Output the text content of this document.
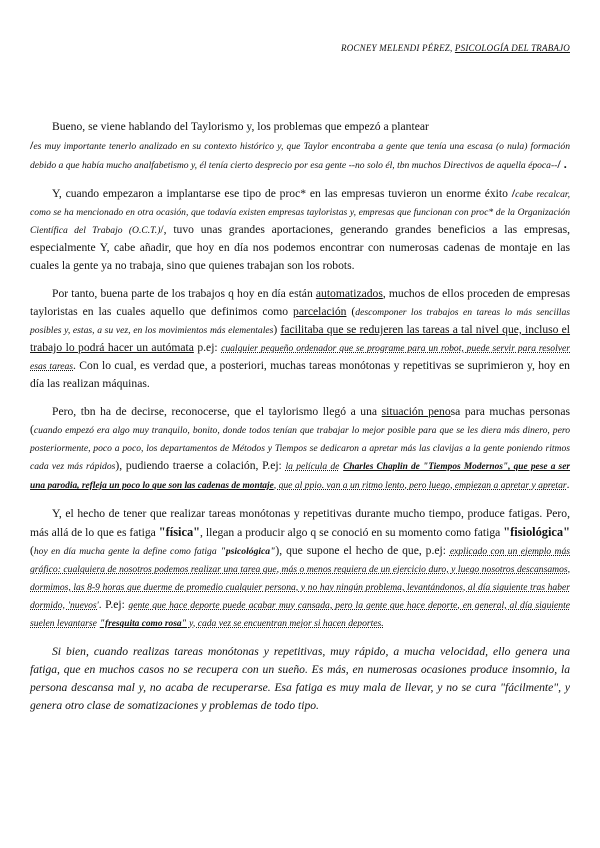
ROCNEY MELENDI PÉREZ, PSICOLOGÍA DEL TRABAJO

Bueno, se viene hablando del Taylorismo y, los problemas que empezó a plantear
/es muy importante tenerlo analizado en su contexto histórico y, que Taylor encontraba a gente que tenía una escasa (o nula) formación debido a que había mucho analfabetismo y, él tenía cierto desprecio por esa gente --no solo él, tbn muchos Directivos de aquella época--/ .

Y, cuando empezaron a implantarse ese tipo de proc* en las empresas tuvieron un enorme éxito /cabe recalcar, como se ha mencionado en otra ocasión, que todavía existen empresas tayloristas y, empresas que funcionan con proc* de la Organización Científica del Trabajo (O.C.T.)/, tuvo unas grandes aportaciones, generando grandes beneficios a las empresas, especialmente Y, cabe añadir, que hoy en día nos podemos encontrar con numerosas cadenas de montaje en las cuales la gente ya no trabaja, sino que quienes trabajan son los robots.

Por tanto, buena parte de los trabajos q hoy en día están automatizados, muchos de ellos proceden de empresas tayloristas en las cuales aquello que definimos como parcelación (descomponer los trabajos en tareas lo más sencillas posibles y, estas, a su vez, en los movimientos más elementales) facilitaba que se redujeren las tareas a tal nivel que, incluso el trabajo lo podrá hacer un autómata p.ej: cualquier pequeño ordenador que se programe para un robot, puede servir para resolver esas tareas. Con lo cual, es verdad que, a posteriori, muchas tareas monótonas y repetitivas se suprimieron y, hoy en día las realizan máquinas.

Pero, tbn ha de decirse, reconocerse, que el taylorismo llegó a una situación penosa para muchas personas (cuando empezó era algo muy tranquilo, bonito, donde todos tenían que trabajar lo mejor posible para que se les diera más dinero, pero posteriormente, poco a poco, los departamentos de Métodos y Tiempos se dedicaron a apretar más las clavijas a la gente poniendo ritmos cada vez más rápidos), pudiendo traerse a colación, P.ej: la película de Charles Chaplin de "Tiempos Modernos", que pese a ser una parodia, refleja un poco lo que son las cadenas de montaje, que al ppio. van a un ritmo lento, pero luego, empiezan a apretar y apretar.

Y, el hecho de tener que realizar tareas monótonas y repetitivas durante mucho tiempo, produce fatigas. Pero, más allá de lo que es fatiga "física", llegan a producir algo q se conoció en su momento como fatiga "fisiológica" (hoy en día mucha gente la define como fatiga "psicológica"), que supone el hecho de que, p.ej: explicado con un ejemplo más gráfico: cualquiera de nosotros podemos realizar una tarea que, más o menos requiera de un ejercicio duro, y luego nosotros descansamos, dormimos, las 8-9 horas que duerme de promedio cualquier persona, y no hay ningún problema, levantándonos, al día siguiente tras haber dormido, 'nuevos'. P.ej: gente que hace deporte puede acabar muy cansada, pero la gente que hace deporte, en general, al día siguiente suelen levantarse "fresquita como rosa" y, cada vez se encuentran mejor si hacen deportes.

Si bien, cuando realizas tareas monótonas y repetitivas, muy rápido, a mucha velocidad, ello genera una fatiga, que en muchos casos no se recupera con un sueño. Es más, en numerosas ocasiones produce insomnio, la persona descansa mal y, no acaba de recuperarse. Esa fatiga es muy mala de llevar, y no se cura "fácilmente", y genera otro clase de somatizaciones y problemas de todo tipo.
